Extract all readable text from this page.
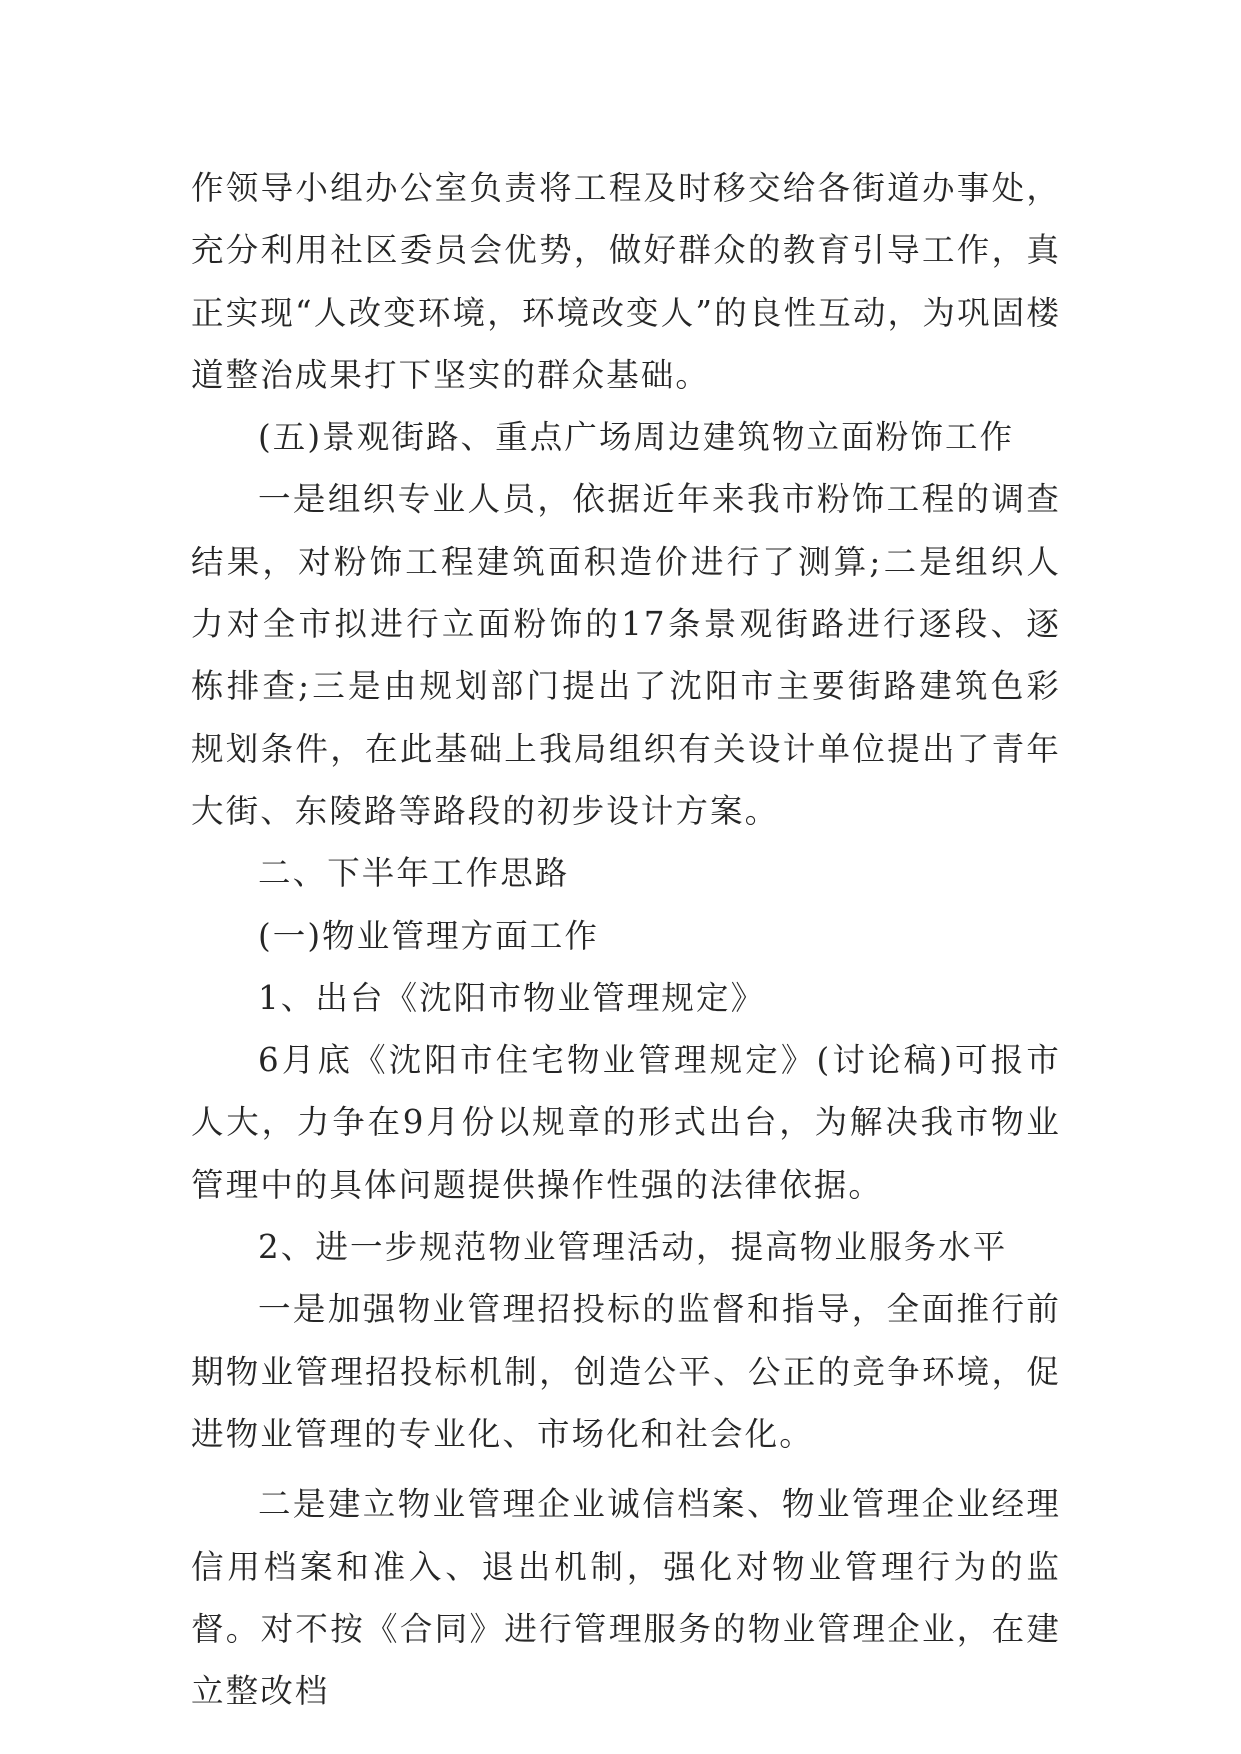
作领导小组办公室负责将工程及时移交给各街道办事处，充分利用社区委员会优势，做好群众的教育引导工作，真正实现“人改变环境，环境改变人”的良性互动，为巩固楼道整治成果打下坚实的群众基础。

(五)景观街路、重点广场周边建筑物立面粉饰工作

一是组织专业人员，依据近年来我市粉饰工程的调查结果，对粉饰工程建筑面积造价进行了测算;二是组织人力对全市拟进行立面粉饰的17条景观街路进行逐段、逐栋排查;三是由规划部门提出了沈阳市主要街路建筑色彩规划条件，在此基础上我局组织有关设计单位提出了青年大街、东陵路等路段的初步设计方案。

二、下半年工作思路

(一)物业管理方面工作

1、出台《沈阳市物业管理规定》

6月底《沈阳市住宅物业管理规定》(讨论稿)可报市人大，力争在9月份以规章的形式出台，为解决我市物业管理中的具体问题提供操作性强的法律依据。

2、进一步规范物业管理活动，提高物业服务水平

一是加强物业管理招投标的监督和指导，全面推行前期物业管理招投标机制，创造公平、公正的竞争环境，促进物业管理的专业化、市场化和社会化。

二是建立物业管理企业诚信档案、物业管理企业经理信用档案和准入、退出机制，强化对物业管理行为的监督。对不按《合同》进行管理服务的物业管理企业，在建立整改档
